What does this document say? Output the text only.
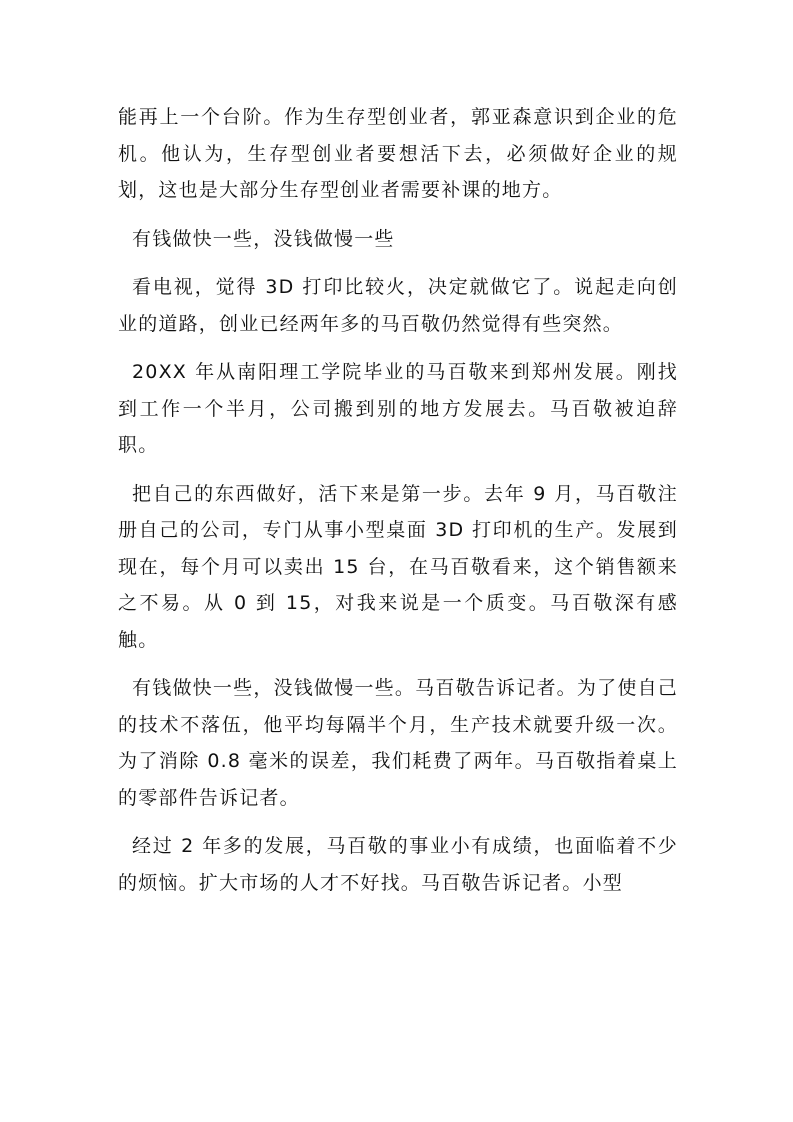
能再上一个台阶。作为生存型创业者，郭亚森意识到企业的危机。他认为，生存型创业者要想活下去，必须做好企业的规划，这也是大部分生存型创业者需要补课的地方。

有钱做快一些，没钱做慢一些

看电视，觉得 3D 打印比较火，决定就做它了。说起走向创业的道路，创业已经两年多的马百敬仍然觉得有些突然。

20XX 年从南阳理工学院毕业的马百敬来到郑州发展。刚找到工作一个半月，公司搬到别的地方发展去。马百敬被迫辞职。

把自己的东西做好，活下来是第一步。去年 9 月，马百敬注册自己的公司，专门从事小型桌面 3D 打印机的生产。发展到现在，每个月可以卖出 15 台，在马百敬看来，这个销售额来之不易。从 0 到 15，对我来说是一个质变。马百敬深有感触。

有钱做快一些，没钱做慢一些。马百敬告诉记者。为了使自己的技术不落伍，他平均每隔半个月，生产技术就要升级一次。为了消除 0.8 毫米的误差，我们耗费了两年。马百敬指着桌上的零部件告诉记者。

经过 2 年多的发展，马百敬的事业小有成绩，也面临着不少的烦恼。扩大市场的人才不好找。马百敬告诉记者。小型
